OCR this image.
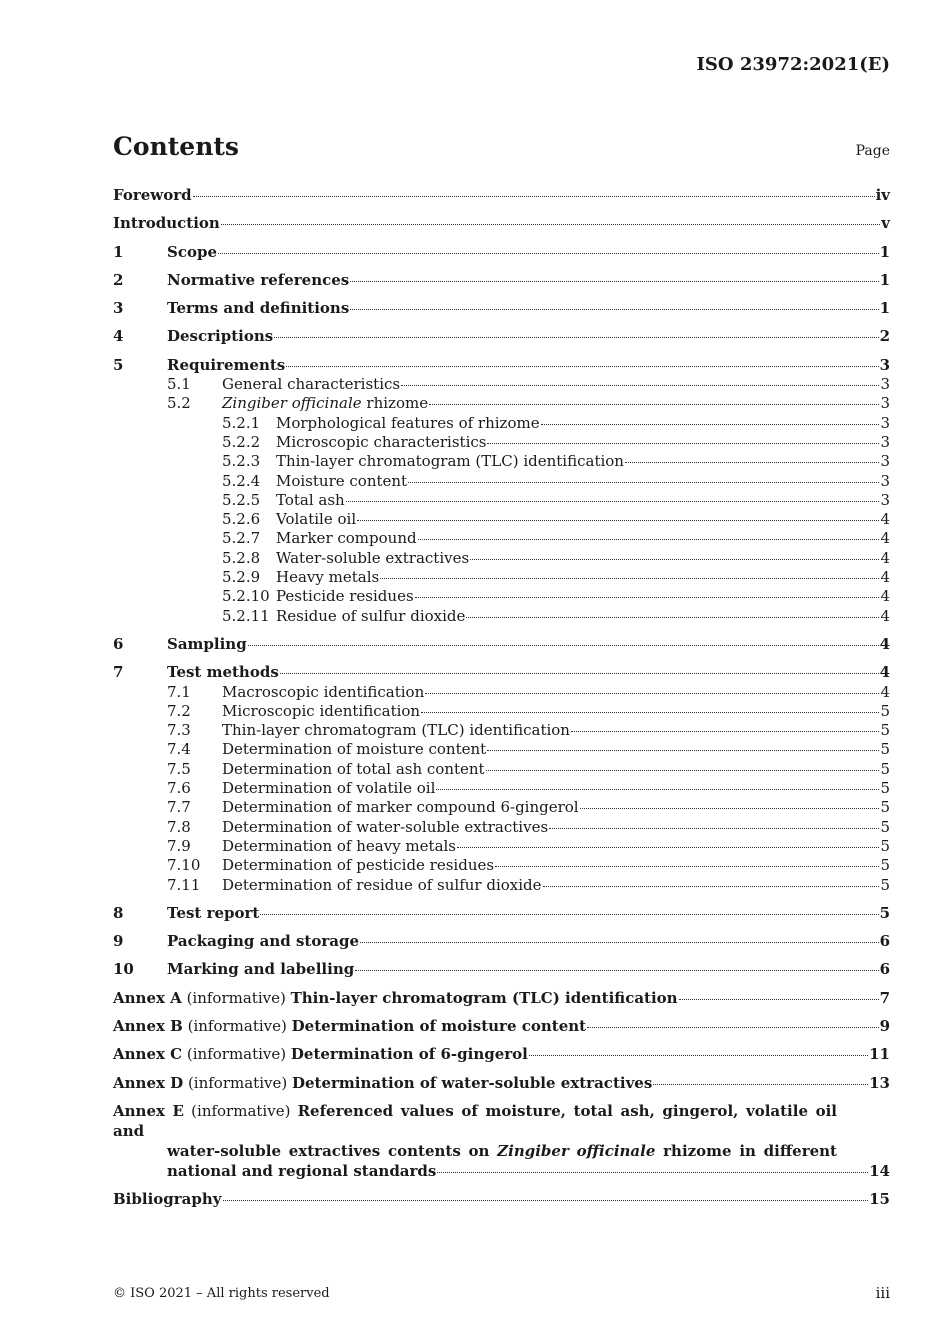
ISO 23972:2021(E)
Contents	Page
Foreword	iv
Introduction	v
1	Scope	1
2	Normative references	1
3	Terms and definitions	1
4	Descriptions	2
5	Requirements	3
5.1	General characteristics	3
5.2	Zingiber officinale rhizome	3
5.2.1	Morphological features of rhizome	3
5.2.2	Microscopic characteristics	3
5.2.3	Thin-layer chromatogram (TLC) identification	3
5.2.4	Moisture content	3
5.2.5	Total ash	3
5.2.6	Volatile oil	4
5.2.7	Marker compound	4
5.2.8	Water-soluble extractives	4
5.2.9	Heavy metals	4
5.2.10 Pesticide residues	4
5.2.11 Residue of sulfur dioxide	4
6	Sampling	4
7	Test methods	4
7.1	Macroscopic identification	4
7.2	Microscopic identification	5
7.3	Thin-layer chromatogram (TLC) identification	5
7.4	Determination of moisture content	5
7.5	Determination of total ash content	5
7.6	Determination of volatile oil	5
7.7	Determination of marker compound 6-gingerol	5
7.8	Determination of water-soluble extractives	5
7.9	Determination of heavy metals	5
7.10	Determination of pesticide residues	5
7.11	Determination of residue of sulfur dioxide	5
8	Test report	5
9	Packaging and storage	6
10	Marking and labelling	6
Annex A (informative) Thin-layer chromatogram (TLC) identification	7
Annex B (informative) Determination of moisture content	9
Annex C (informative) Determination of 6-gingerol	11
Annex D (informative) Determination of water-soluble extractives	13
Annex E (informative) Referenced values of moisture, total ash, gingerol, volatile oil and
water-soluble extractives contents on Zingiber officinale rhizome in different
national and regional standards	14
Bibliography	15
© ISO 2021 – All rights reserved	iii
